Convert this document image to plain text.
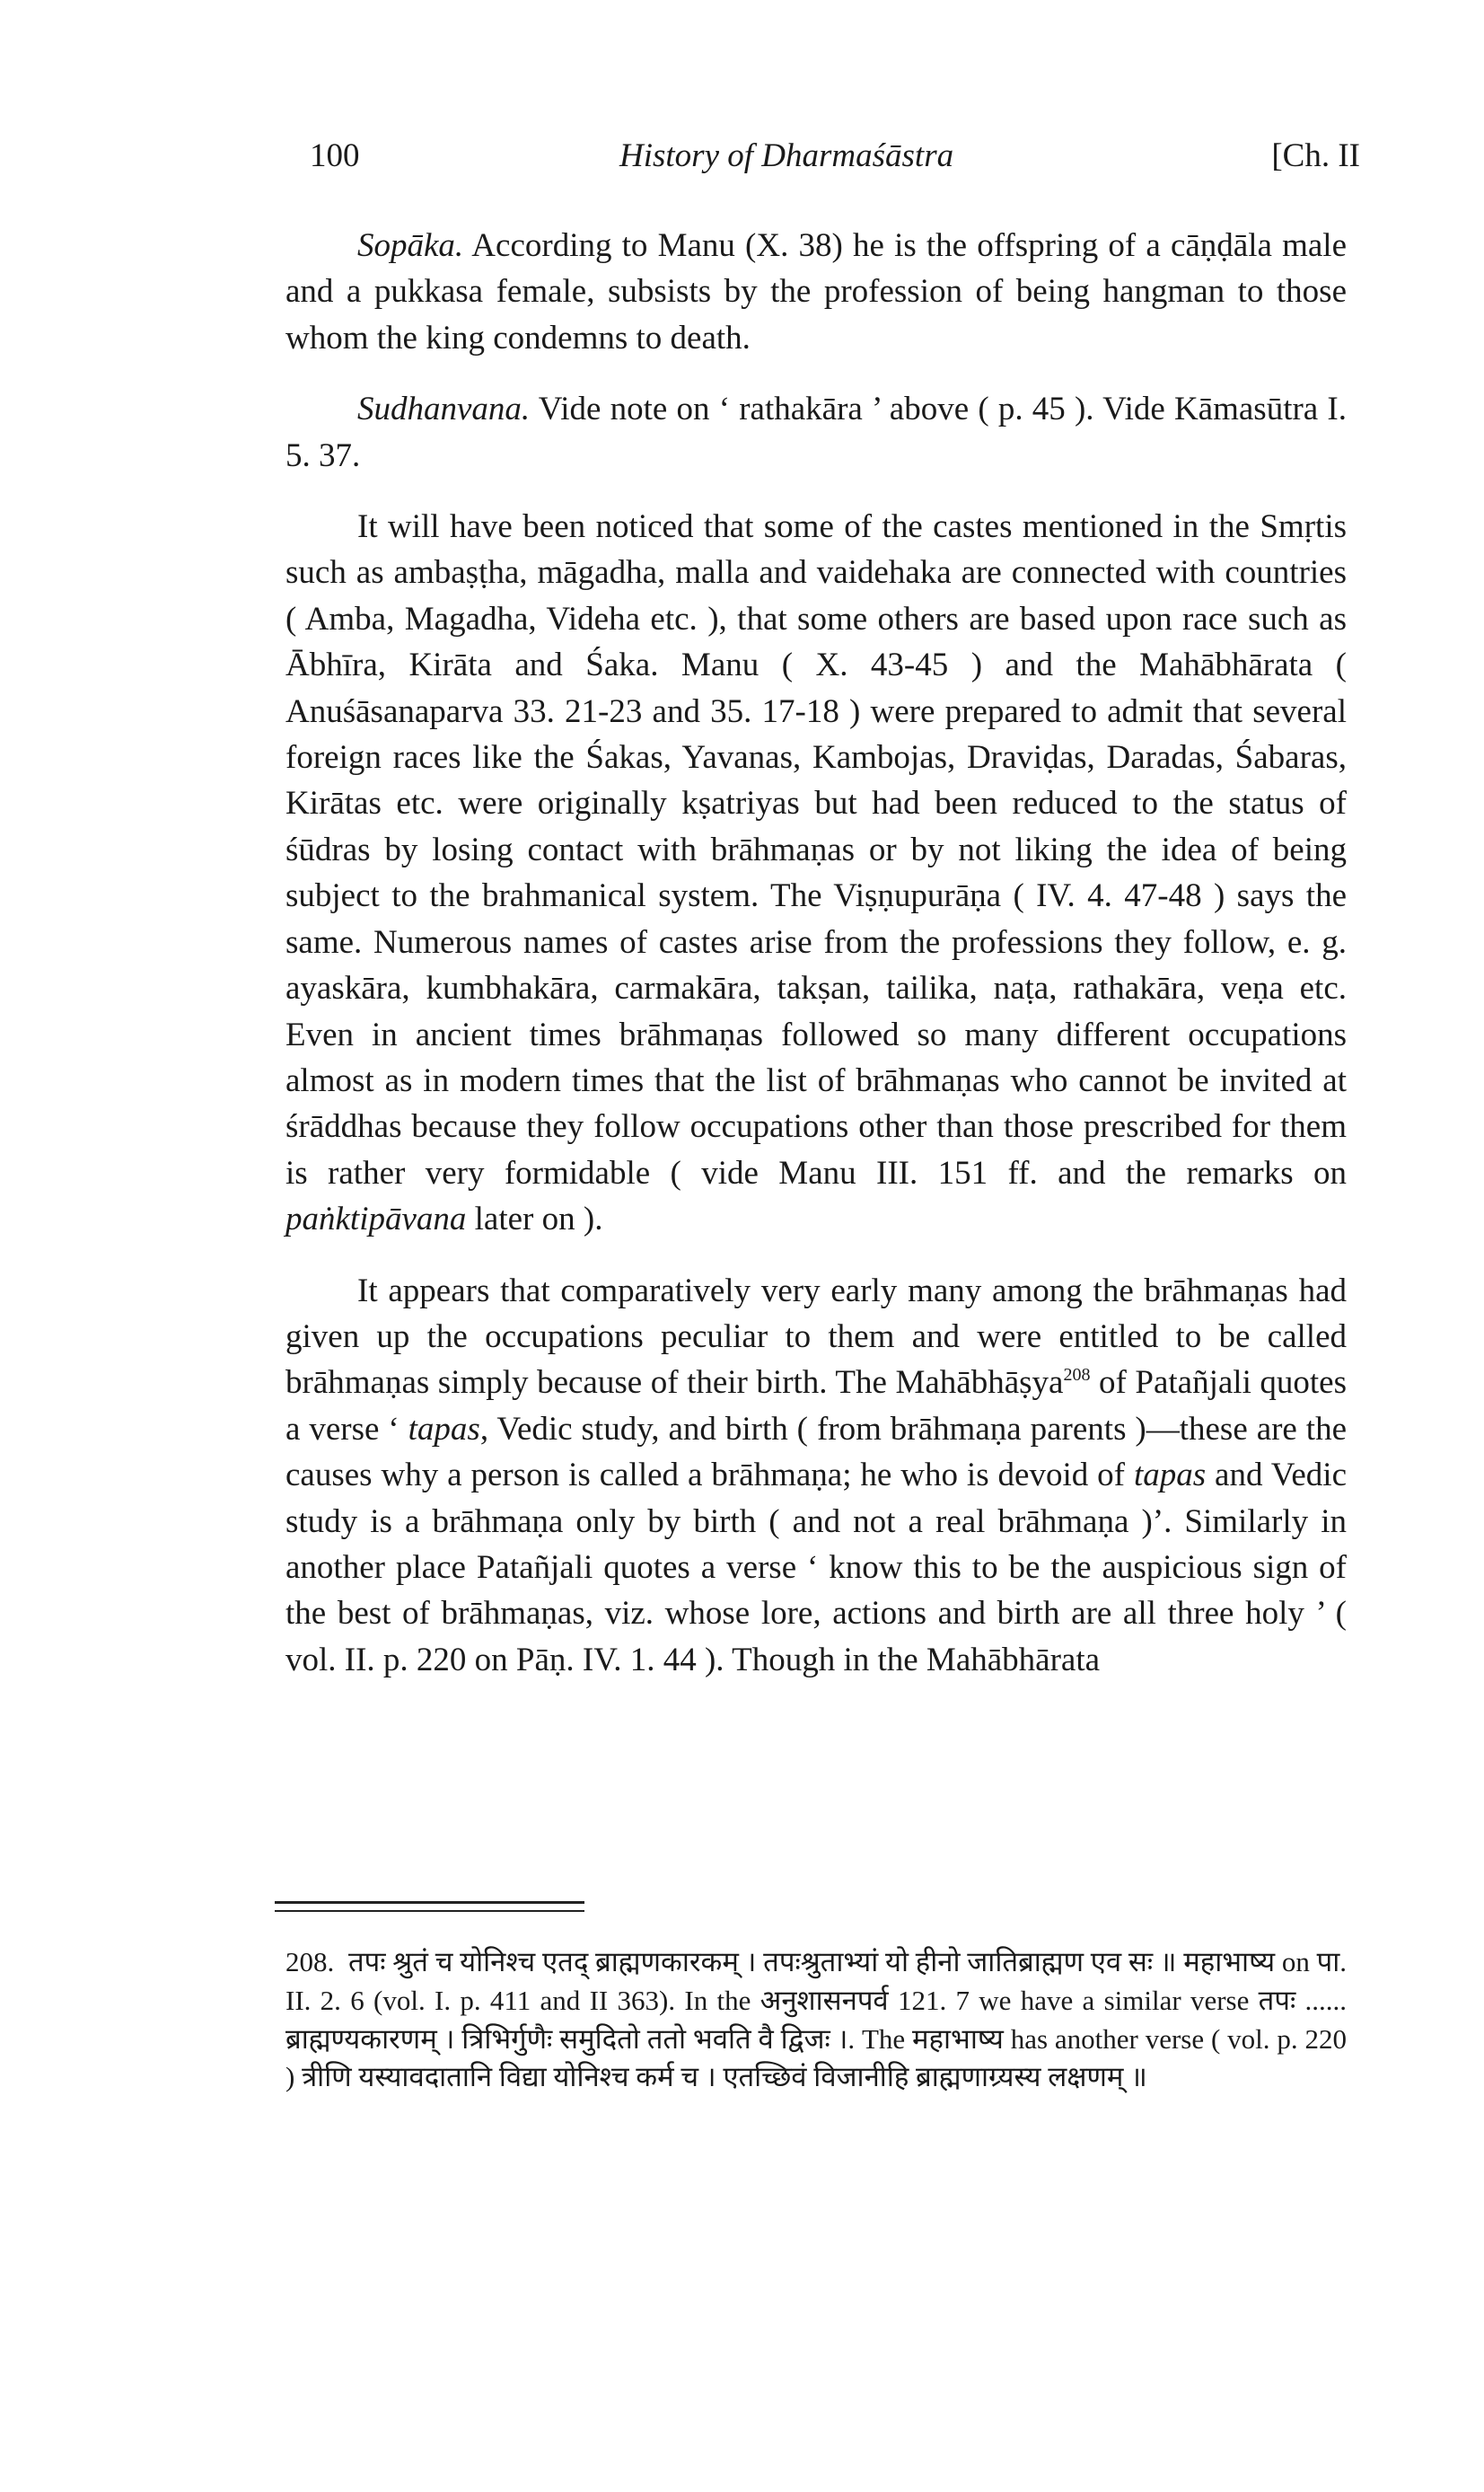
100	History of Dharmaśāstra	[Ch. II

Sopāka. According to Manu (X. 38) he is the offspring of a cāṇḍāla male and a pukkasa female, subsists by the profession of being hangman to those whom the king condemns to death.

Sudhanvana. Vide note on ‘ rathakāra ’ above ( p. 45 ). Vide Kāmasūtra I. 5. 37.

It will have been noticed that some of the castes mentioned in the Smṛtis such as ambaṣṭha, māgadha, malla and vaidehaka are connected with countries ( Amba, Magadha, Videha etc. ), that some others are based upon race such as Ābhīra, Kirāta and Śaka. Manu ( X. 43-45 ) and the Mahābhārata ( Anuśāsanaparva 33. 21-23 and 35. 17-18 ) were prepared to admit that several foreign races like the Śakas, Yavanas, Kambojas, Draviḍas, Daradas, Śabaras, Kirātas etc. were originally kṣatriyas but had been reduced to the status of śūdras by losing contact with brāhmaṇas or by not liking the idea of being subject to the brahmanical system. The Viṣṇupurāṇa ( IV. 4. 47-48 ) says the same. Numerous names of castes arise from the professions they follow, e. g. ayaskāra, kumbhakāra, carmakāra, takṣan, tailika, naṭa, rathakāra, veṇa etc. Even in ancient times brāhmaṇas followed so many different occupations almost as in modern times that the list of brāhmaṇas who cannot be invited at śrāddhas because they follow occupations other than those prescribed for them is rather very formidable ( vide Manu III. 151 ff. and the remarks on paṅktipāvana later on ).

It appears that comparatively very early many among the brāhmaṇas had given up the occupations peculiar to them and were entitled to be called brāhmaṇas simply because of their birth. The Mahābhāṣya$^{208}$ of Patañjali quotes a verse ‘ tapas, Vedic study, and birth ( from brāhmaṇa parents )—these are the causes why a person is called a brāhmaṇa; he who is devoid of tapas and Vedic study is a brāhmaṇa only by birth ( and not a real brāhmaṇa )’. Similarly in another place Patañjali quotes a verse ‘ know this to be the auspicious sign of the best of brāhmaṇas, viz. whose lore, actions and birth are all three holy ’ ( vol. II. p. 220 on Pāṇ. IV. 1. 44 ). Though in the Mahābhārata

208. तपः श्रुतं च योनिश्च एतद् ब्राह्मणकारकम् । तपःश्रुताभ्यां यो हीनो जातिब्राह्मण एव सः ॥ महाभाष्य on पा. II. 2. 6 (vol. I. p. 411 and II 363). In the अनुशासनपर्व 121. 7 we have a similar verse तपः ...... ब्राह्मण्यकारणम् । त्रिभिर्गुणैः समुदितो ततो भवति वै द्विजः ।. The महाभाष्य has another verse ( vol. p. 220 ) त्रीणि यस्यावदातानि विद्या योनिश्च कर्म च । एतच्छिवं विजानीहि ब्राह्मणाग्र्यस्य लक्षणम् ॥
